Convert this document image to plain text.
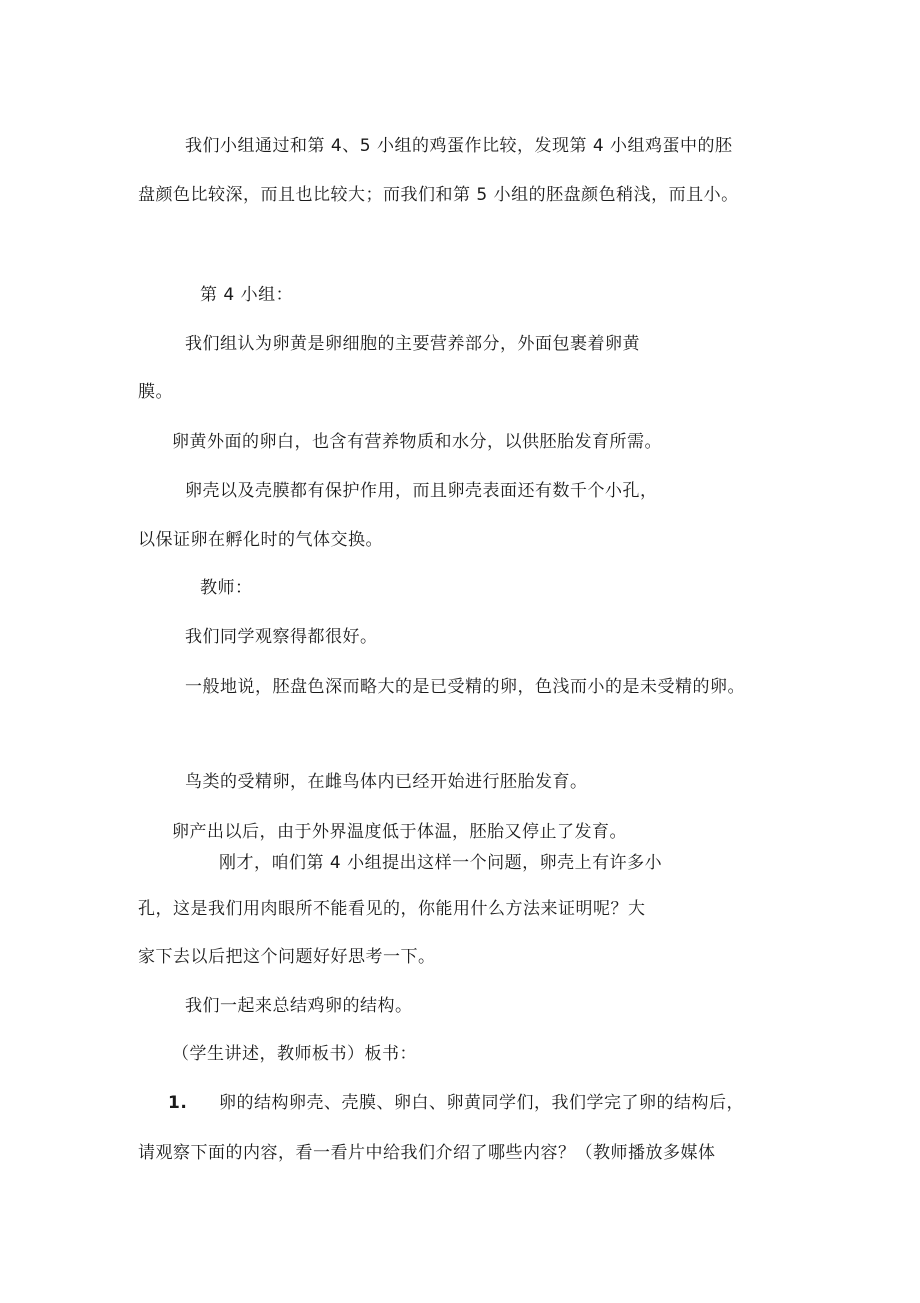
我们小组通过和第 4、5 小组的鸡蛋作比较，发现第 4 小组鸡蛋中的胚
盘颜色比较深，而且也比较大；而我们和第 5 小组的胚盘颜色稍浅，而且小。
第 4 小组：
我们组认为卵黄是卵细胞的主要营养部分，外面包裹着卵黄
膜。
卵黄外面的卵白，也含有营养物质和水分，以供胚胎发育所需。
卵壳以及壳膜都有保护作用，而且卵壳表面还有数千个小孔，
以保证卵在孵化时的气体交换。
教师：
我们同学观察得都很好。
一般地说，胚盘色深而略大的是已受精的卵，色浅而小的是未受精的卵。
鸟类的受精卵，在雌鸟体内已经开始进行胚胎发育。
卵产出以后，由于外界温度低于体温，胚胎又停止了发育。
刚才，咱们第 4 小组提出这样一个问题，卵壳上有许多小
孔，这是我们用肉眼所不能看见的，你能用什么方法来证明呢？大
家下去以后把这个问题好好思考一下。
我们一起来总结鸡卵的结构。
（学生讲述，教师板书）板书：
1. 卵的结构卵壳、壳膜、卵白、卵黄同学们，我们学完了卵的结构后，
请观察下面的内容，看一看片中给我们介绍了哪些内容？（教师播放多媒体
